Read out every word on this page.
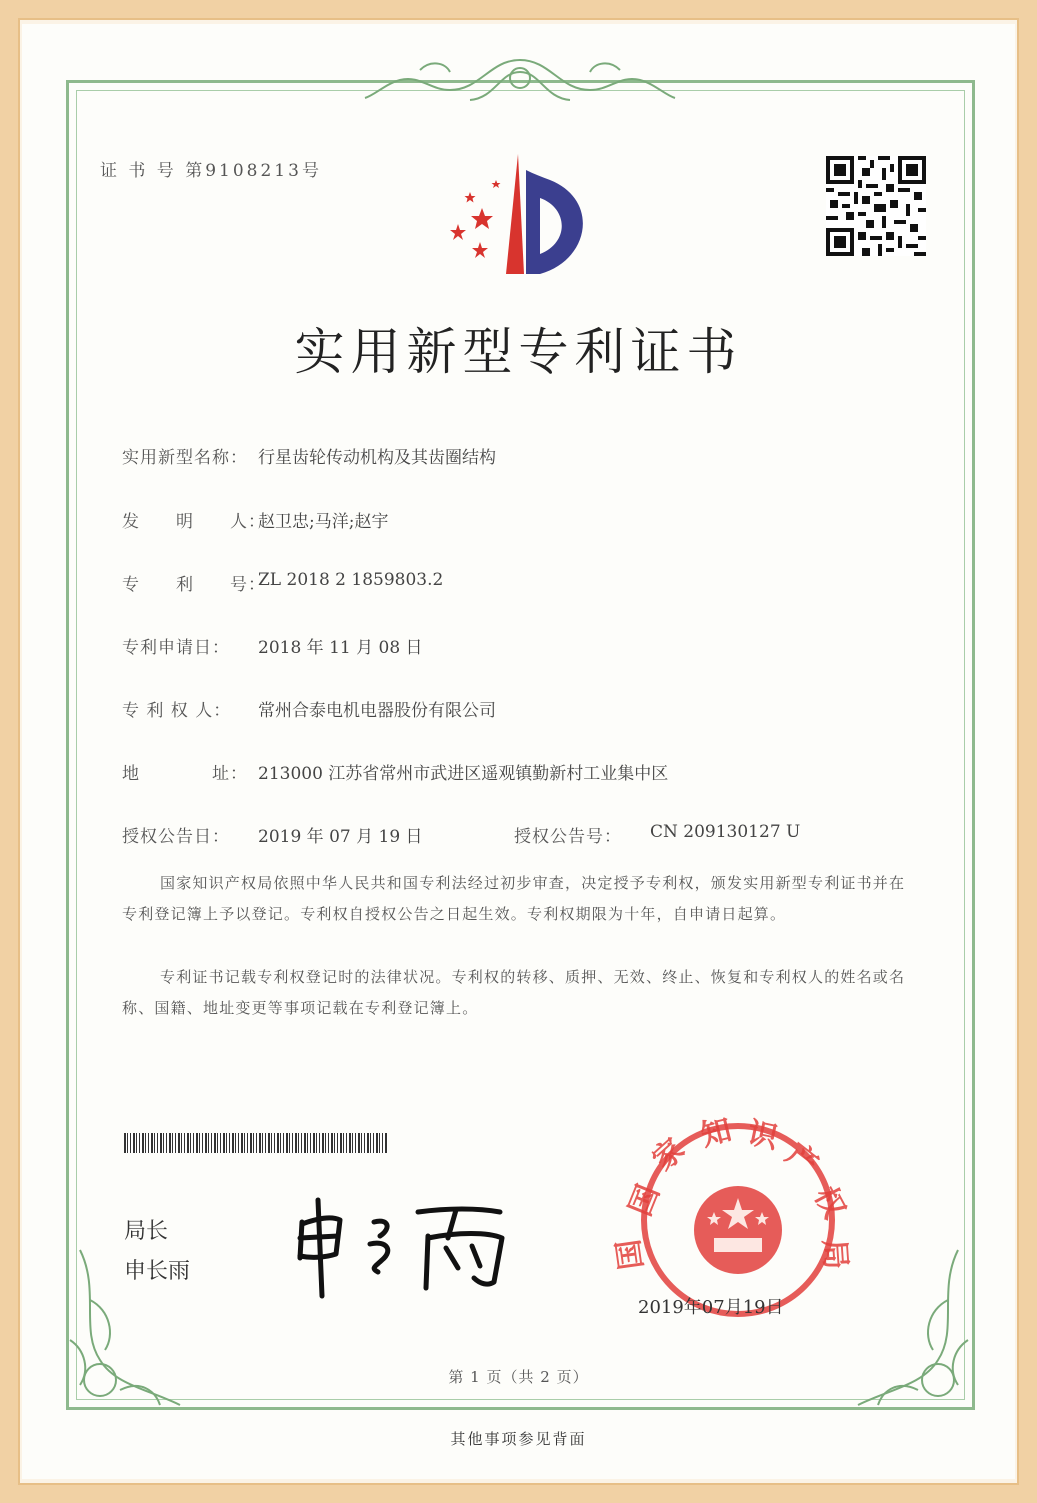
证 书 号 第9108213号
实用新型专利证书
实用新型名称： 行星齿轮传动机构及其齿圈结构
发　　明　　人：
赵卫忠;马洋;赵宇
专　　利　　号：
ZL 2018 2 1859803.2
专利申请日： 2018 年 11 月 08 日
专 利 权 人： 常州合泰电机电器股份有限公司
地　　　　址： 213000 江苏省常州市武进区遥观镇勤新村工业集中区
授权公告日： 2019 年 07 月 19 日	授权公告号： CN 209130127 U
国家知识产权局依照中华人民共和国专利法经过初步审查，决定授予专利权，颁发实用新型专利证书并在专利登记簿上予以登记。专利权自授权公告之日起生效。专利权期限为十年，自申请日起算。
专利证书记载专利权登记时的法律状况。专利权的转移、质押、无效、终止、恢复和专利权人的姓名或名称、国籍、地址变更等事项记载在专利登记簿上。
局长
申长雨
国
家 知 识
产
权
局
国
2019年07月19日
第 1 页（共 2 页）
其他事项参见背面
